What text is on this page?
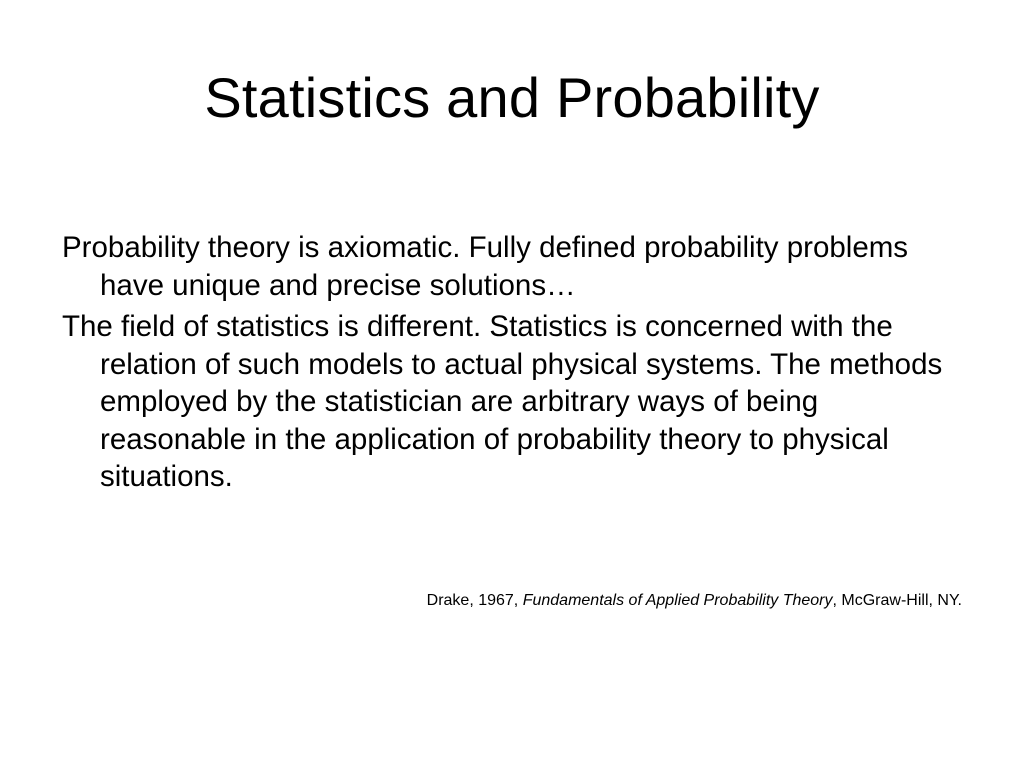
Statistics and Probability
Probability theory is axiomatic. Fully defined probability problems have unique and precise solutions…
The field of statistics is different. Statistics is concerned with the relation of such models to actual physical systems. The methods employed by the statistician are arbitrary ways of being reasonable in the application of probability theory to physical situations.
Drake, 1967, Fundamentals of Applied Probability Theory, McGraw-Hill, NY.
